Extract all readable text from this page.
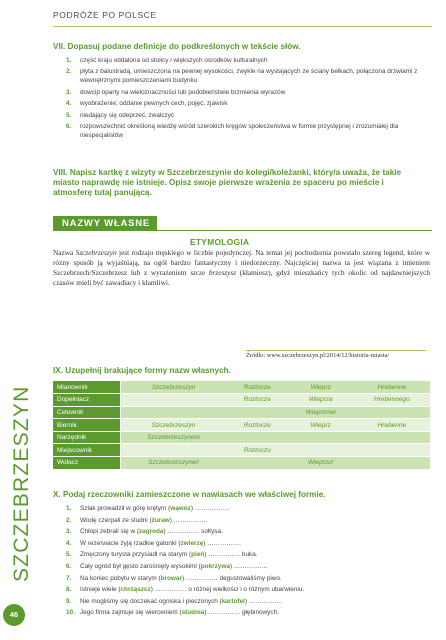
PODRÓŻE PO POLSCE
VII. Dopasuj podane definicje do podkreślonych w tekście słów.
1. część kraju oddalona od stolicy i większych ośrodków kulturalnych
2. płyta z balustradą, umieszczona na pewnej wysokości, zwykle na wystających ze ściany belkach, połączona drzwiami z wewnętrznymi pomieszczeniami budynku
3. dowcip oparty na wieloznaczności lub podobieństwie brzmienia wyrazów
4. wyobrażenie; oddanie pewnych cech, pojęć, zjawisk
5. niedający się odeprzeć, zwalczyć
6. rozpowszechnić określoną wiedzę wśród szerokich kręgów społeczeństwa w formie przystępnej i zrozumiałej dla niespecjalistów
VIII. Napisz kartkę z wizyty w Szczebrzeszynie do kolegi/koleżanki, który/a uważa, że takie miasto naprawdę nie istnieje. Opisz swoje pierwsze wrażenia ze spaceru po mieście i atmosferę tutaj panującą.
NAZWY WŁASNE
ETYMOLOGIA
Nazwa Szczebrzeszyn jest rodzaju męskiego w liczbie pojedynczej. Na temat jej pochodzenia powstało szereg legend, które w różny sposób ją wyjaśniają, na ogół bardzo fantastyczny i niedorzeczny. Najczęściej nazwa ta jest wiązana z imieniem Szczebrzech/Szczebrzesz lub z wyrażeniem szcze brzeszysz (kłamiesz), gdyż mieszkańcy tych okolic od najdawniejszych czasów mieli być zawadiacy i kłamliwi.
Źródło: www.szczebrzeszyn.pl/2014/12/historia-miasta/
IX. Uzupełnij brakujące formy nazw własnych.
Mianownik	Szczebrzeszyn	Roztocze	Wieprz	Hrebenne
Dopełniacz		Roztocza	Wieprza	Hrebennego
Celownik			Wieprzowi	
Biernik	Szczebrzeszyn	Roztocze	Wieprz	Hrebenne
Narzędnik	Szczebrzeszynem			
Miejscownik		Roztoczu		
Wołacz	Szczebrzeszynie!		Wieprzu!	
SZCZEBRZESZYN X. Podaj rzeczowniki zamieszczone w nawiasach we właściwej formie.
1. Szlak prowadził w górę krętym (wąwóz) …………….
2. Wodę czerpali ze studni (żuraw) …………….
3. Chłopi zebrali się w (zagroda) …………… sołtysa.
4. W rezerwacie żyją rzadkie gatunki (zwierzę) …………….
5. Zmęczony turysta przysiadł na starym (pień) …………… buka.
6. Cały ogród był gęsto zarośnięty wysokimi (pokrzywa) …………….
7. Na koniec pobytu w starym (browar) …………… degustowaliśmy piwo.
8. Istnieje wiele (chrząszcz) …………… o różnej wielkości i o różnym ubarwieniu.
9. Nie mogliśmy się doczekać ogniska i pieczonych (kartofel) …………….
10. Jego firma zajmuje się wierceniem (studnia) …………… głębinowych.
46
